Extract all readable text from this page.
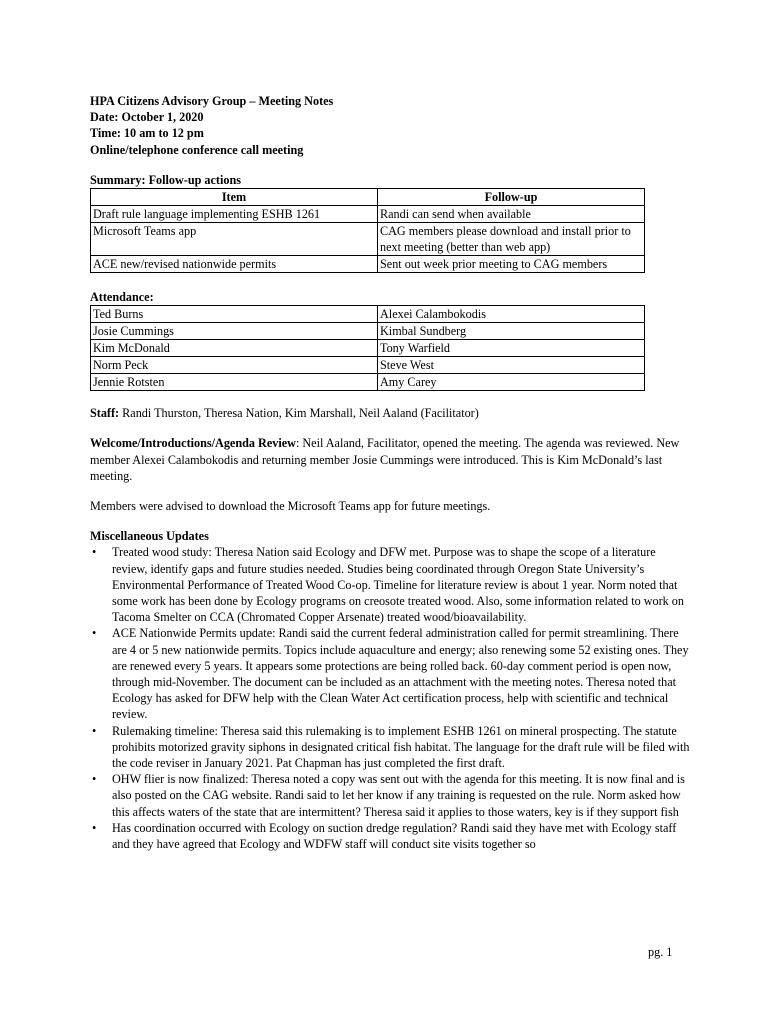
HPA Citizens Advisory Group – Meeting Notes
Date: October 1, 2020
Time: 10 am to 12 pm
Online/telephone conference call meeting
Summary: Follow-up actions
Item	Follow-up
Draft rule language implementing ESHB 1261	Randi can send when available
Microsoft Teams app	CAG members please download and install prior to next meeting (better than web app)
ACE new/revised nationwide permits	Sent out week prior meeting to CAG members
Attendance:
Ted Burns	Alexei Calambokodis
Josie Cummings	Kimbal Sundberg
Kim McDonald	Tony Warfield
Norm Peck	Steve West
Jennie Rotsten	Amy Carey

Staff: Randi Thurston, Theresa Nation, Kim Marshall, Neil Aaland (Facilitator)

Welcome/Introductions/Agenda Review: Neil Aaland, Facilitator, opened the meeting. The agenda was reviewed. New member Alexei Calambokodis and returning member Josie Cummings were introduced. This is Kim McDonald’s last meeting.

Members were advised to download the Microsoft Teams app for future meetings.

Miscellaneous Updates

• Treated wood study: Theresa Nation said Ecology and DFW met. Purpose was to shape the scope of a literature review, identify gaps and future studies needed. Studies being coordinated through Oregon State University’s Environmental Performance of Treated Wood Co-op. Timeline for literature review is about 1 year. Norm noted that some work has been done by Ecology programs on creosote treated wood. Also, some information related to work on Tacoma Smelter on CCA (Chromated Copper Arsenate) treated wood/bioavailability.
• ACE Nationwide Permits update: Randi said the current federal administration called for permit streamlining. There are 4 or 5 new nationwide permits. Topics include aquaculture and energy; also renewing some 52 existing ones. They are renewed every 5 years. It appears some protections are being rolled back. 60-day comment period is open now, through mid-November. The document can be included as an attachment with the meeting notes. Theresa noted that Ecology has asked for DFW help with the Clean Water Act certification process, help with scientific and technical review.
• Rulemaking timeline: Theresa said this rulemaking is to implement ESHB 1261 on mineral prospecting. The statute prohibits motorized gravity siphons in designated critical fish habitat. The language for the draft rule will be filed with the code reviser in January 2021. Pat Chapman has just completed the first draft.
• OHW flier is now finalized: Theresa noted a copy was sent out with the agenda for this meeting. It is now final and is also posted on the CAG website. Randi said to let her know if any training is requested on the rule. Norm asked how this affects waters of the state that are intermittent? Theresa said it applies to those waters, key is if they support fish
• Has coordination occurred with Ecology on suction dredge regulation? Randi said they have met with Ecology staff and they have agreed that Ecology and WDFW staff will conduct site visits together so
pg. 1
